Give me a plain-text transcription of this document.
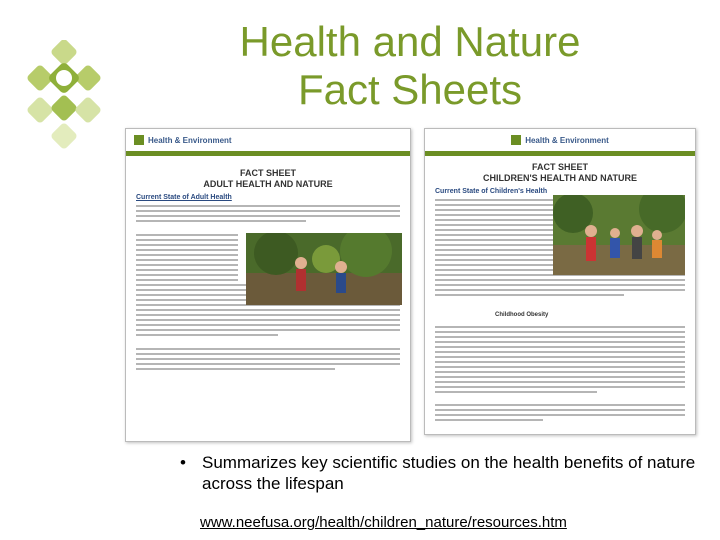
Health and Nature
Fact Sheets
Health & Environment
FACT SHEET
ADULT HEALTH AND NATURE
Current State of Adult Health
Health & Environment
FACT SHEET
CHILDREN'S HEALTH AND NATURE
Current State of Children's Health
Childhood Obesity
• Summarizes key scientific studies on the health benefits of nature across the lifespan
www.neefusa.org/health/children_nature/resources.htm
